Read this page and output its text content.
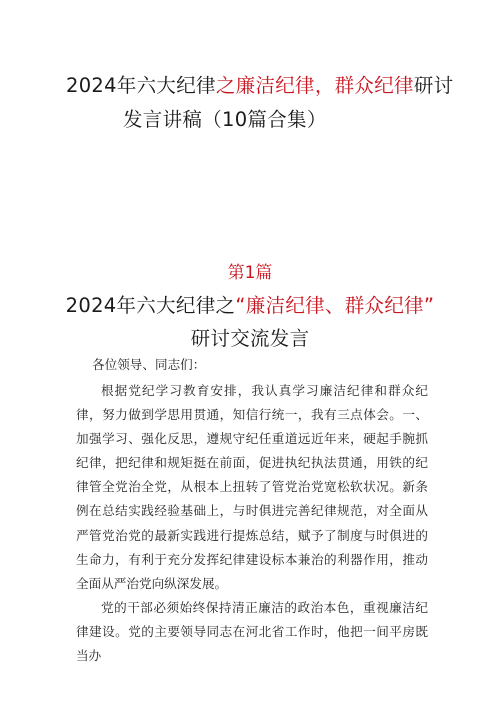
2024年六大纪律之廉洁纪律，群众纪律研讨
发言讲稿（10篇合集）
第1篇
2024年六大纪律之“廉洁纪律、群众纪律”
研讨交流发言
各位领导、同志们：
根据党纪学习教育安排，我认真学习廉洁纪律和群众纪律，努力做到学思用贯通，知信行统一，我有三点体会。一、加强学习、强化反思，遵规守纪任重道远近年来，硬起手腕抓纪律，把纪律和规矩挺在前面，促进执纪执法贯通，用铁的纪律管全党治全党，从根本上扭转了管党治党宽松软状况。新条例在总结实践经验基础上，与时俱进完善纪律规范，对全面从严管党治党的最新实践进行提炼总结，赋予了制度与时俱进的生命力，有利于充分发挥纪律建设标本兼治的利器作用，推动全面从严治党向纵深发展。
党的干部必须始终保持清正廉洁的政治本色，重视廉洁纪律建设。党的主要领导同志在河北省工作时，他把一间平房既当办
